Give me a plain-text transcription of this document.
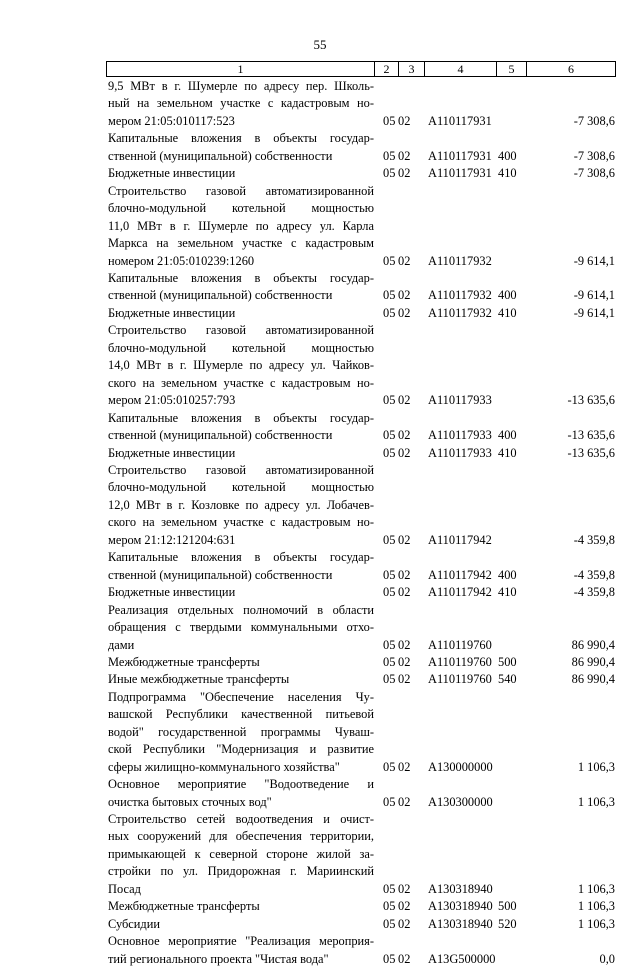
55
1	2	3	4	5	6
9,5 МВт в г. Шумерле по адресу пер. Школь-
ный на земельном участке с кадастровым но-
мером 21:05:010117:523	05 02	А110117931	-7 308,6
Капитальные вложения в объекты государ-
ственной (муниципальной) собственности	05 02	А110117931 400	-7 308,6
Бюджетные инвестиции	05 02	А110117931 410	-7 308,6
Строительство газовой автоматизированной
блочно-модульной котельной мощностью
11,0 МВт в г. Шумерле по адресу ул. Карла
Маркса на земельном участке с кадастровым
номером 21:05:010239:1260	05 02	А110117932	-9 614,1
Капитальные вложения в объекты государ-
ственной (муниципальной) собственности	05 02	А110117932 400	-9 614,1
Бюджетные инвестиции	05 02	А110117932 410	-9 614,1
Строительство газовой автоматизированной
блочно-модульной котельной мощностью
14,0 МВт в г. Шумерле по адресу ул. Чайков-
ского на земельном участке с кадастровым но-
мером 21:05:010257:793	05 02	А110117933	-13 635,6
Капитальные вложения в объекты государ-
ственной (муниципальной) собственности	05 02	А110117933 400	-13 635,6
Бюджетные инвестиции	05 02	А110117933 410	-13 635,6
Строительство газовой автоматизированной
блочно-модульной котельной мощностью
12,0 МВт в г. Козловке по адресу ул. Лобачев-
ского на земельном участке с кадастровым но-
мером 21:12:121204:631	05 02	А110117942	-4 359,8
Капитальные вложения в объекты государ-
ственной (муниципальной) собственности	05 02	А110117942 400	-4 359,8
Бюджетные инвестиции	05 02	А110117942 410	-4 359,8
Реализация отдельных полномочий в области
обращения с твердыми коммунальными отхо-
дами	05 02	А110119760	86 990,4
Межбюджетные трансферты	05 02	А110119760 500	86 990,4
Иные межбюджетные трансферты	05 02	А110119760 540	86 990,4
Подпрограмма "Обеспечение населения Чу-
вашской Республики качественной питьевой
водой" государственной программы Чуваш-
ской Республики "Модернизация и развитие
сферы жилищно-коммунального хозяйства"	05 02	А130000000	1 106,3
Основное мероприятие "Водоотведение и
очистка бытовых сточных вод"	05 02	А130300000	1 106,3
Строительство сетей водоотведения и очист-
ных сооружений для обеспечения территории,
примыкающей к северной стороне жилой за-
стройки по ул. Придорожная г. Мариинский
Посад	05 02	А130318940	1 106,3
Межбюджетные трансферты	05 02	А130318940 500	1 106,3
Субсидии	05 02	А130318940 520	1 106,3
Основное мероприятие "Реализация мероприя-
тий регионального проекта "Чистая вода"	05 02	А13G500000	0,0
